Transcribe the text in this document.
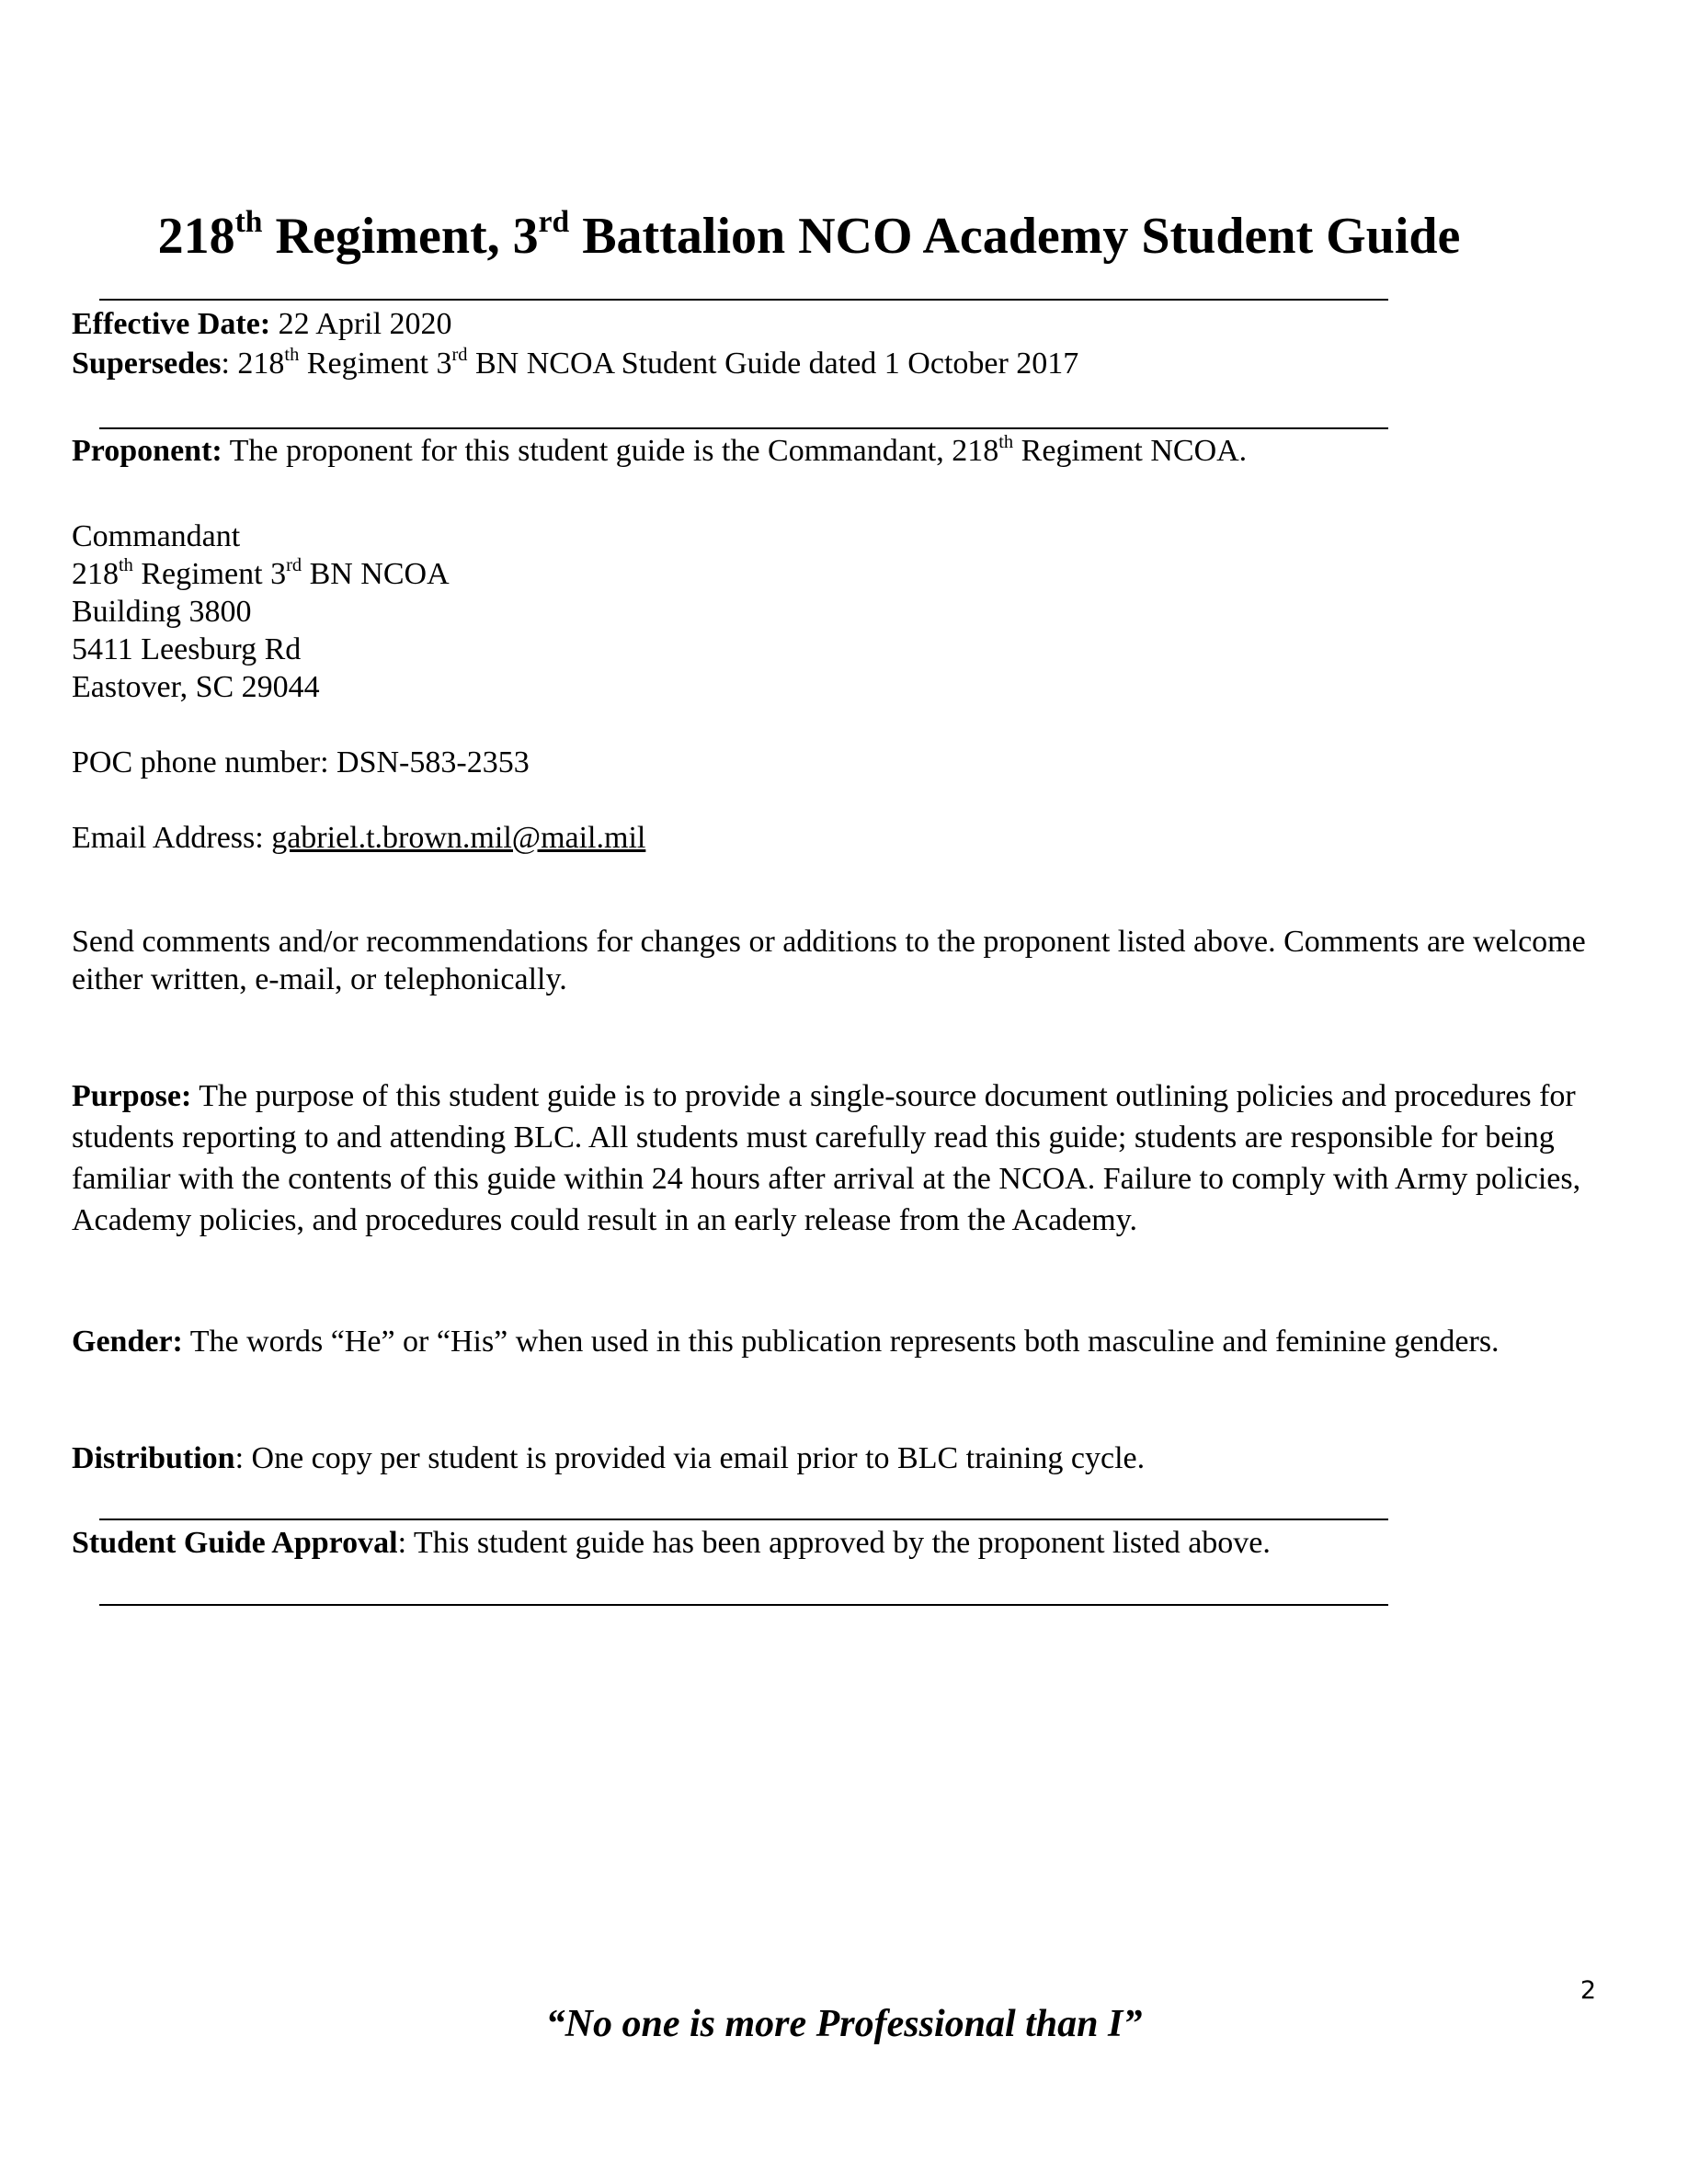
218th Regiment, 3rd Battalion NCO Academy Student Guide
Effective Date: 22 April 2020
Supersedes: 218th Regiment 3rd BN NCOA Student Guide dated 1 October 2017
Proponent: The proponent for this student guide is the Commandant, 218th Regiment NCOA.
Commandant
218th Regiment 3rd BN NCOA
Building 3800
5411 Leesburg Rd
Eastover, SC 29044
POC phone number: DSN-583-2353
Email Address: gabriel.t.brown.mil@mail.mil
Send comments and/or recommendations for changes or additions to the proponent listed above. Comments are welcome either written, e-mail, or telephonically.
Purpose: The purpose of this student guide is to provide a single-source document outlining policies and procedures for students reporting to and attending BLC. All students must carefully read this guide; students are responsible for being familiar with the contents of this guide within 24 hours after arrival at the NCOA. Failure to comply with Army policies, Academy policies, and procedures could result in an early release from the Academy.
Gender: The words “He” or “His” when used in this publication represents both masculine and feminine genders.
Distribution: One copy per student is provided via email prior to BLC training cycle.
Student Guide Approval: This student guide has been approved by the proponent listed above.
2
“No one is more Professional than I”
